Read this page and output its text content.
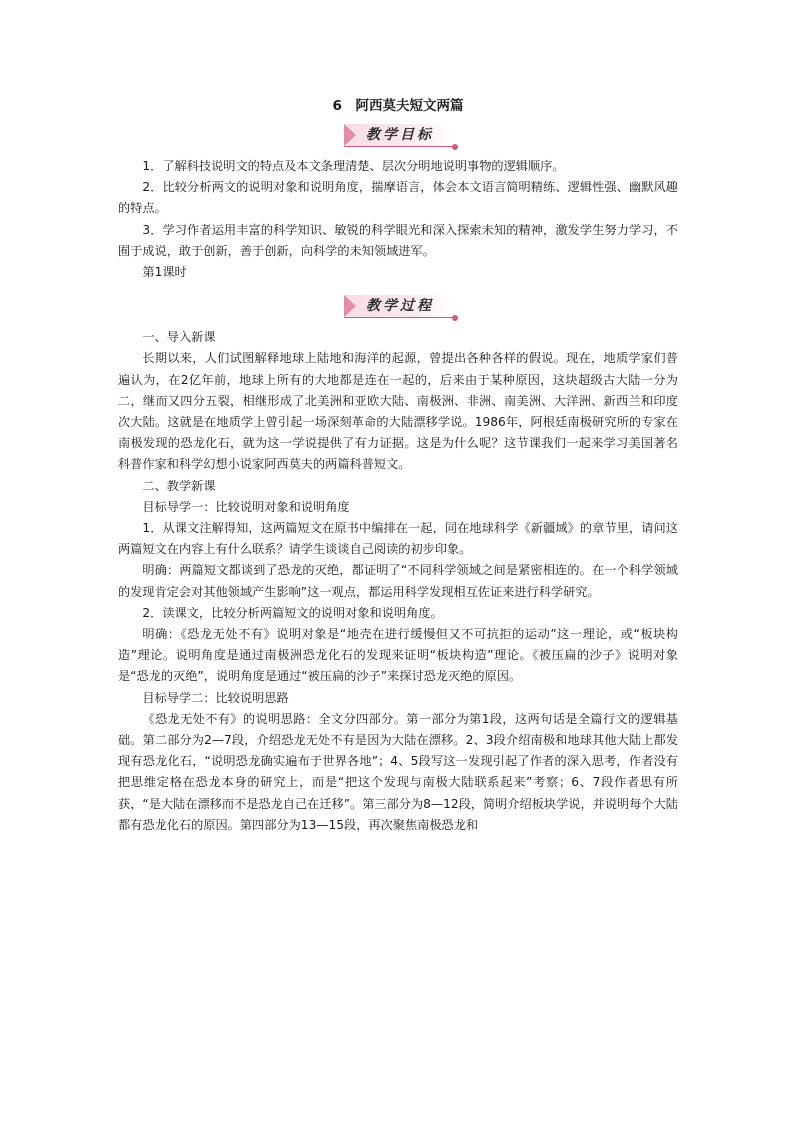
6　阿西莫夫短文两篇
教学目标

1．了解科技说明文的特点及本文条理清楚、层次分明地说明事物的逻辑顺序。

2．比较分析两文的说明对象和说明角度，揣摩语言，体会本文语言简明精练、逻辑性强、幽默风趣的特点。

3．学习作者运用丰富的科学知识、敏锐的科学眼光和深入探索未知的精神，激发学生努力学习，不囿于成说，敢于创新，善于创新，向科学的未知领域进军。

第1课时

教学过程

一、导入新课

长期以来，人们试图解释地球上陆地和海洋的起源，曾提出各种各样的假说。现在，地质学家们普遍认为，在2亿年前，地球上所有的大地都是连在一起的，后来由于某种原因，这块超级古大陆一分为二，继而又四分五裂，相继形成了北美洲和亚欧大陆、南极洲、非洲、南美洲、大洋洲、新西兰和印度次大陆。这就是在地质学上曾引起一场深刻革命的大陆漂移学说。1986年，阿根廷南极研究所的专家在南极发现的恐龙化石，就为这一学说提供了有力证据。这是为什么呢？这节课我们一起来学习美国著名科普作家和科学幻想小说家阿西莫夫的两篇科普短文。

二、教学新课

目标导学一：比较说明对象和说明角度

1．从课文注解得知，这两篇短文在原书中编排在一起，同在地球科学《新疆域》的章节里，请问这两篇短文在内容上有什么联系？请学生谈谈自己阅读的初步印象。

明确：两篇短文都谈到了恐龙的灭绝，都证明了“不同科学领域之间是紧密相连的。在一个科学领域的发现肯定会对其他领域产生影响”这一观点，都运用科学发现相互佐证来进行科学研究。

2．读课文，比较分析两篇短文的说明对象和说明角度。

明确：《恐龙无处不有》说明对象是“地壳在进行缓慢但又不可抗拒的运动”这一理论，或“板块构造”理论。说明角度是通过南极洲恐龙化石的发现来证明“板块构造”理论。《被压扁的沙子》说明对象是“恐龙的灭绝”，说明角度是通过“被压扁的沙子”来探讨恐龙灭绝的原因。

目标导学二：比较说明思路

《恐龙无处不有》的说明思路：全文分四部分。第一部分为第1段，这两句话是全篇行文的逻辑基础。第二部分为2—7段，介绍恐龙无处不有是因为大陆在漂移。2、3段介绍南极和地球其他大陆上都发现有恐龙化石，“说明恐龙确实遍布于世界各地”；4、5段写这一发现引起了作者的深入思考，作者没有把思维定格在恐龙本身的研究上，而是“把这个发现与南极大陆联系起来”考察；6、7段作者思有所获，“是大陆在漂移而不是恐龙自己在迁移”。第三部分为8—12段，简明介绍板块学说，并说明每个大陆都有恐龙化石的原因。第四部分为13—15段，再次聚焦南极恐龙和
